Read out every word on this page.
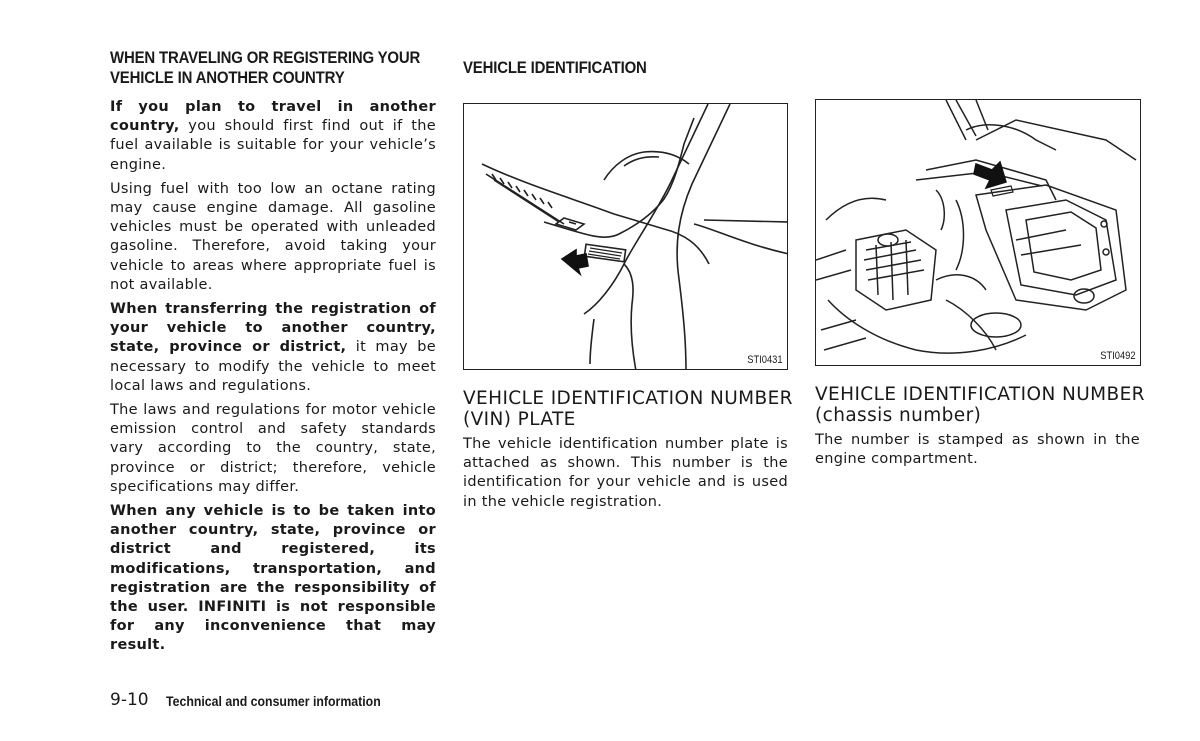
WHEN TRAVELING OR REGISTERING YOUR
VEHICLE IN ANOTHER COUNTRY

If you plan to travel in another country, you should first find out if the fuel available is suitable for your vehicle’s engine.

Using fuel with too low an octane rating may cause engine damage. All gasoline vehicles must be operated with unleaded gasoline. Therefore, avoid taking your vehicle to areas where appropriate fuel is not available.

When transferring the registration of your vehicle to another country, state, province or district, it may be necessary to modify the vehicle to meet local laws and regulations.

The laws and regulations for motor vehicle emission control and safety standards vary according to the country, state, province or district; therefore, vehicle specifications may differ.

When any vehicle is to be taken into another country, state, province or district and registered, its modifications, transportation, and registration are the responsibility of the user. INFINITI is not responsible for any inconvenience that may result.

VEHICLE IDENTIFICATION
STI0431
VEHICLE IDENTIFICATION NUMBER
(VIN) PLATE
The vehicle identification number plate is attached as shown. This number is the identification for your vehicle and is used in the vehicle registration.
STI0492
VEHICLE IDENTIFICATION NUMBER
(chassis number)
The number is stamped as shown in the engine compartment.
9-10 Technical and consumer information
